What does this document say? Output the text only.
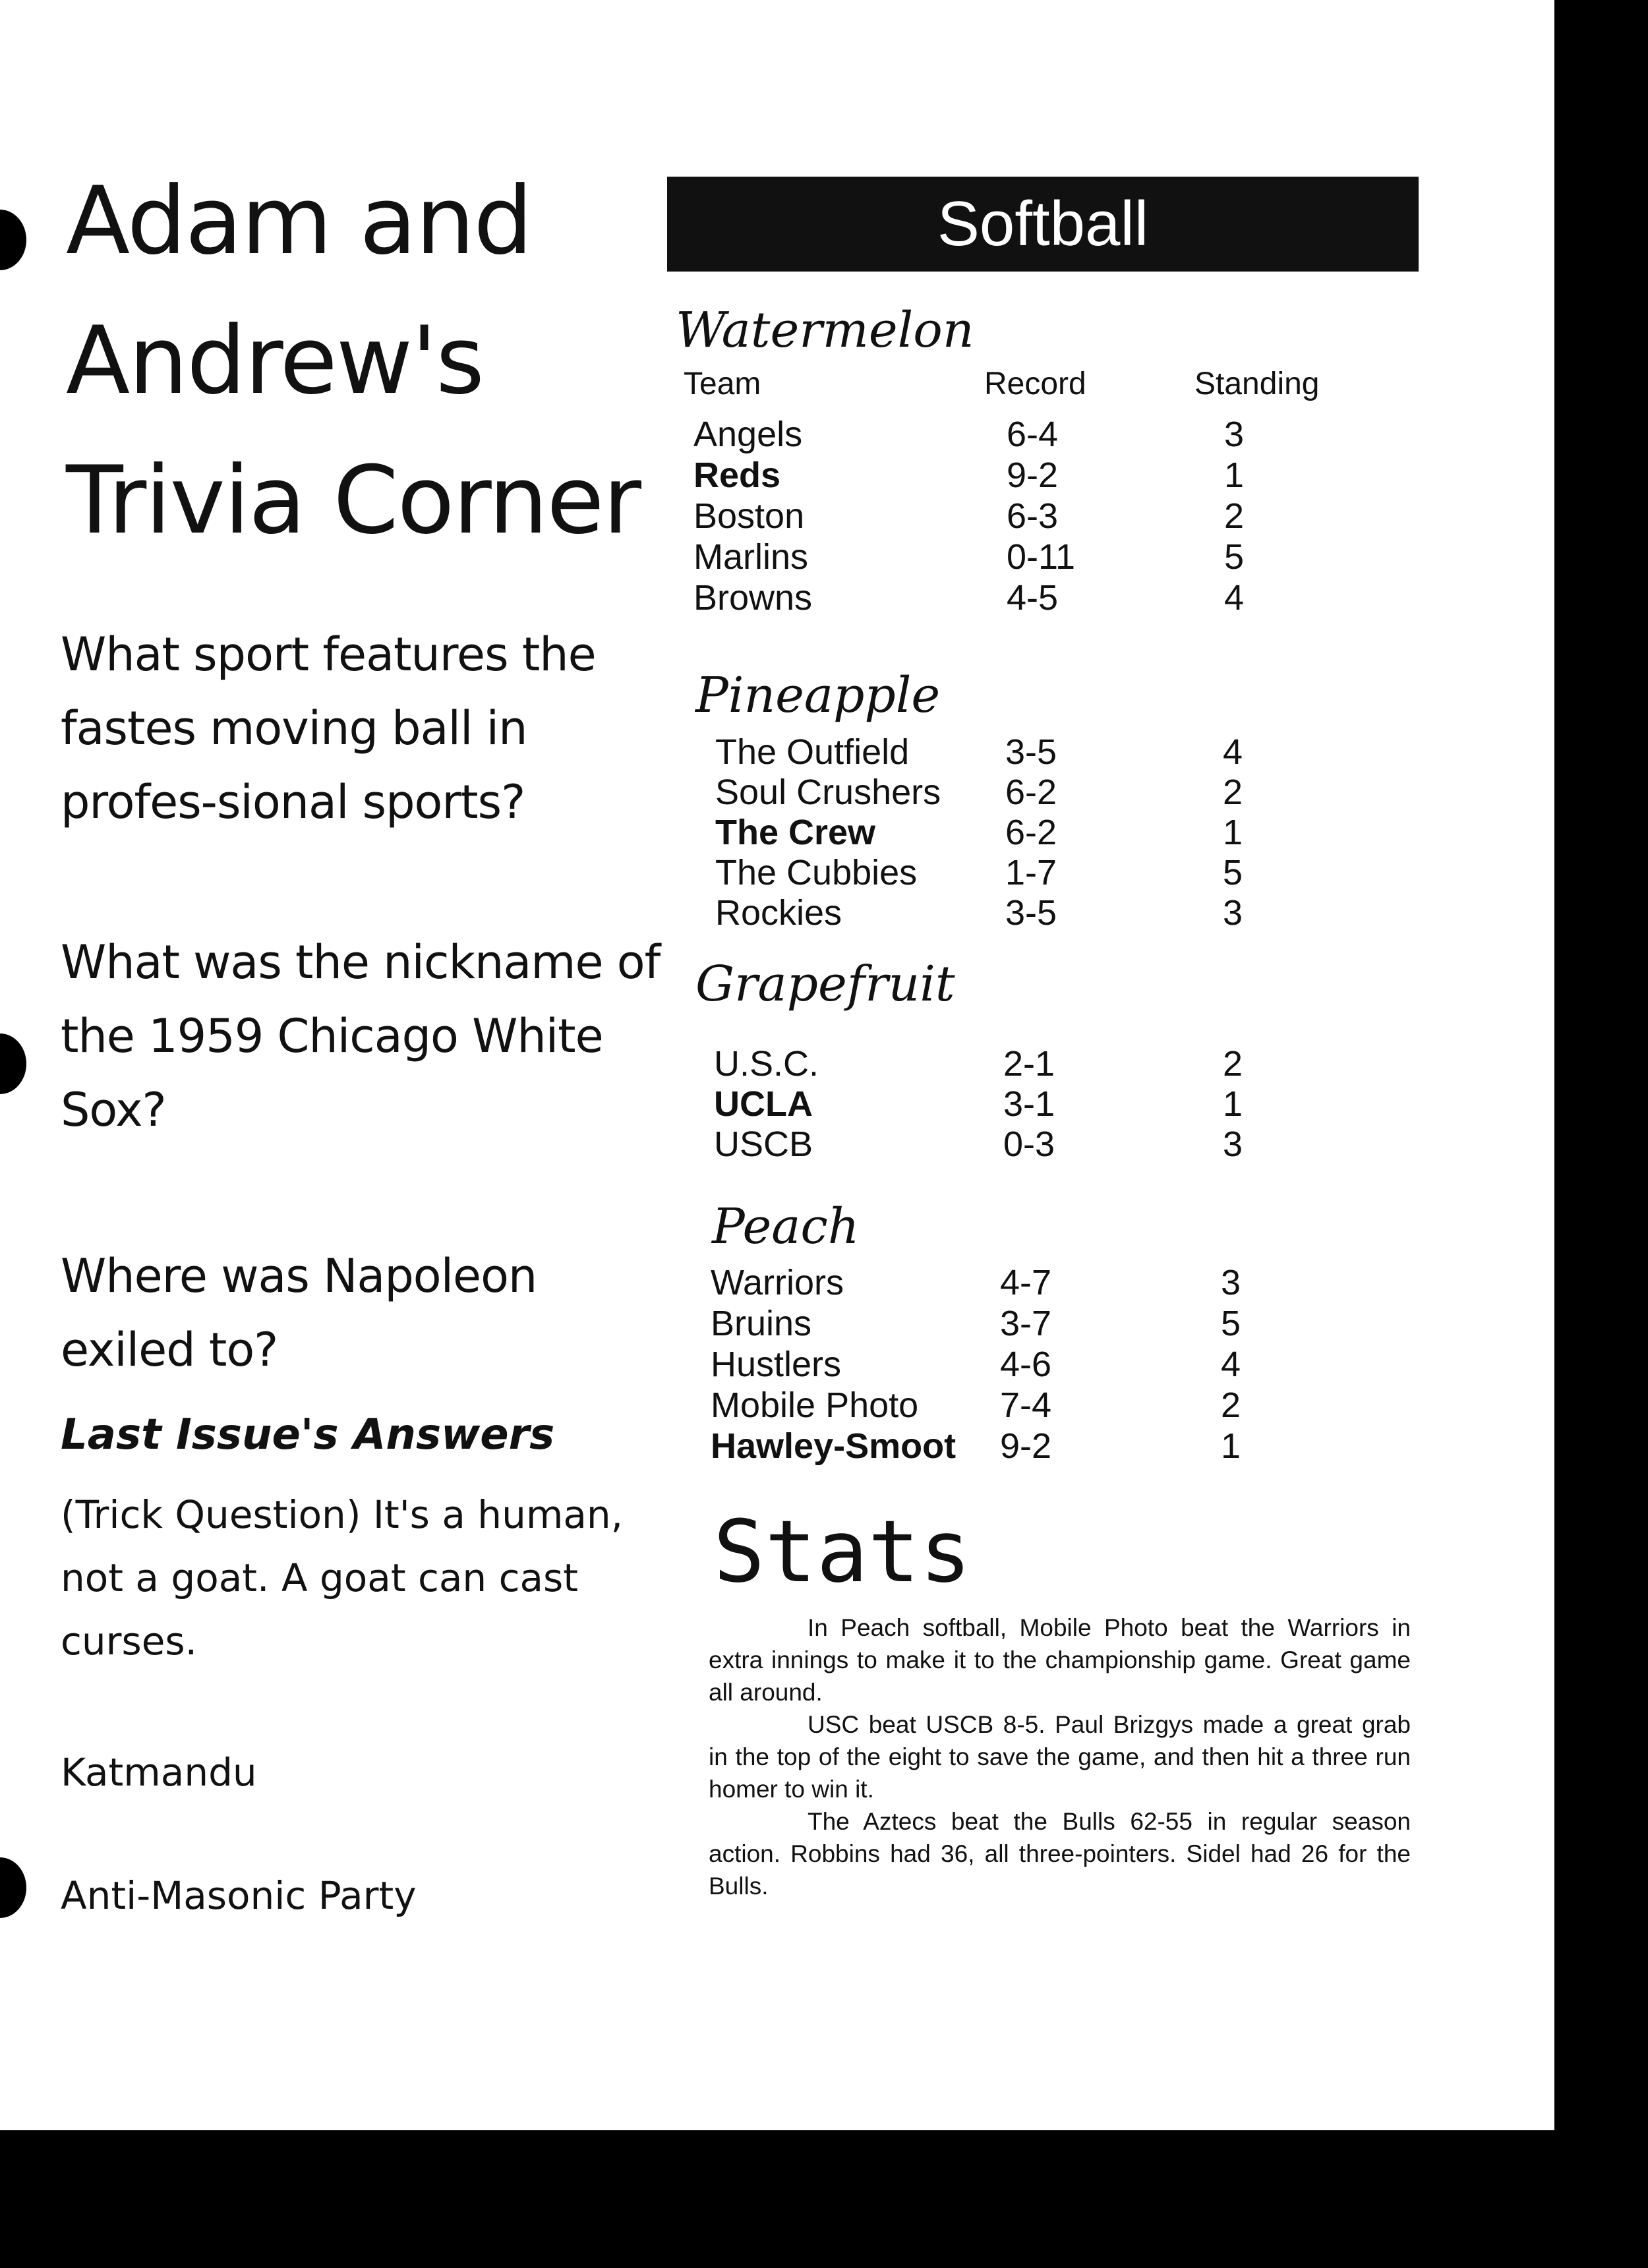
Adam and Andrew's Trivia Corner
What sport features the fastes moving ball in profes-sional sports?
What was the nickname of the 1959 Chicago White Sox?
Where was Napoleon exiled to?
Last Issue's Answers
(Trick Question) It's a human, not a goat. A goat can cast curses.
Katmandu
Anti-Masonic Party
Softball
Team	Record	Standing
Watermelon
Angels	6-4	3
Reds	9-2	1
Boston	6-3	2
Marlins	0-11	5
Browns	4-5	4
Pineapple
The Outfield	3-5	4
Soul Crushers 6-2	2
The Crew	6-2	1
The Cubbies 1-7	5
Rockies	3-5	3
Grapefruit
U.S.C.	2-1	2
UCLA	3-1	1
USCB	0-3	3
Peach
Warriors	4-7	3
Bruins	3-7	5
Hustlers	4-6	4
Mobile Photo 7-4	2
Hawley-Smoot 9-2	1
Stats

In Peach softball, Mobile Photo beat the Warriors in extra innings to make it to the championship game. Great game all around.

USC beat USCB 8-5. Paul Brizgys made a great grab in the top of the eight to save the game, and then hit a three run homer to win it.

The Aztecs beat the Bulls 62-55 in regular season action. Robbins had 36, all three-pointers. Sidel had 26 for the Bulls.
